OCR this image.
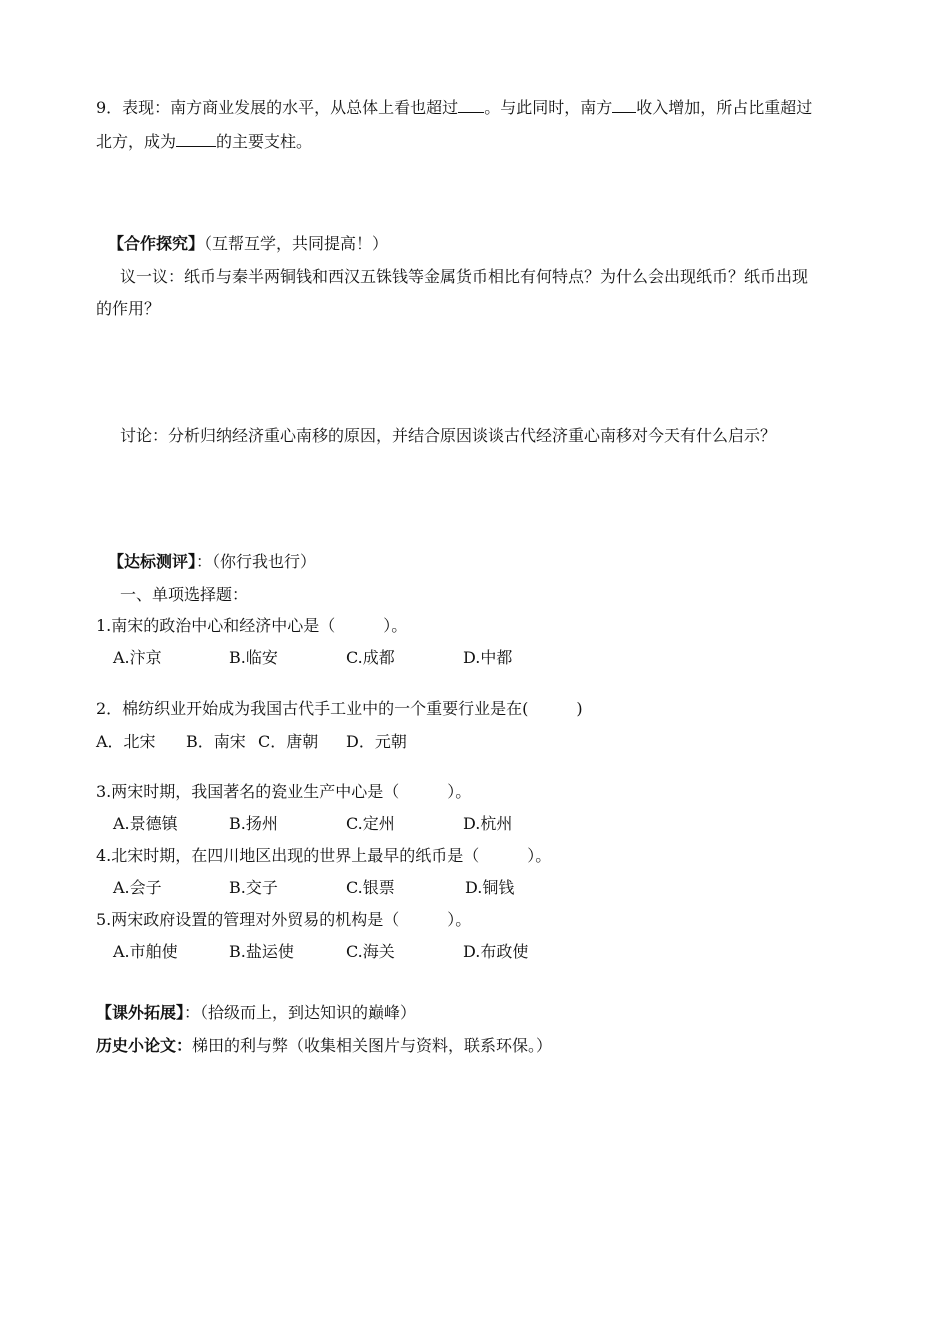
9．表现：南方商业发展的水平，从总体上看也超过 。与此同时，南方 收入增加，所占比重超过
北方，成为	的主要支柱。
【合作探究】（互帮互学，共同提高！）
议一议：纸币与秦半两铜钱和西汉五铢钱等金属货币相比有何特点？为什么会出现纸币？纸币出现
的作用？
讨论：分析归纳经济重心南移的原因，并结合原因谈谈古代经济重心南移对今天有什么启示？
【达标测评】：（你行我也行）
一、单项选择题：
1.南宋的政治中心和经济中心是（　　　）。
A.汴京	B.临安	C.成都	D.中都
2．棉纺织业开始成为我国古代手工业中的一个重要行业是在(　　　)
A．北宋 B．南宋 C．唐朝 D．元朝
3.两宋时期，我国著名的瓷业生产中心是（　　　）。
A.景德镇	B.扬州	C.定州	D.杭州
4.北宋时期，在四川地区出现的世界上最早的纸币是（　　　）。
A.会子	B.交子	C.银票	D.铜钱
5.两宋政府设置的管理对外贸易的机构是（　　　）。
A.市舶使	B.盐运使	C.海关	D.布政使
【课外拓展】：（拾级而上，到达知识的巅峰）
历史小论文：梯田的利与弊（收集相关图片与资料，联系环保。）
